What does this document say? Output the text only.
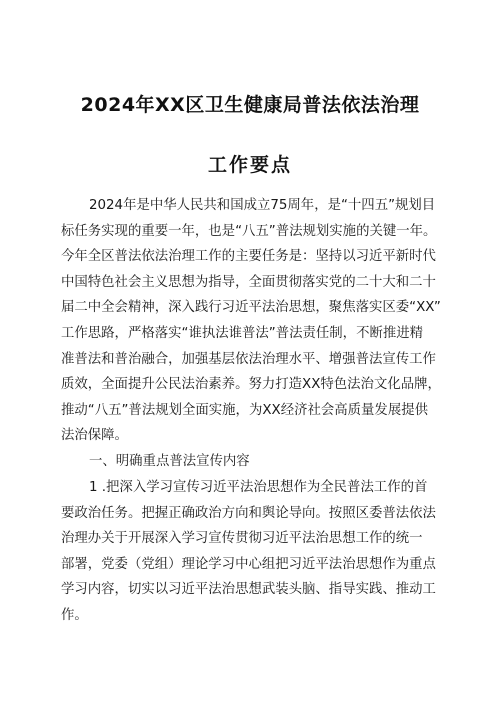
2024年XX区卫生健康局普法依法治理
工作要点
2024年是中华人民共和国成立75周年，是“十四五”规划目
标任务实现的重要一年，也是“八五”普法规划实施的关键一年。
今年全区普法依法治理工作的主要任务是：坚持以习近平新时代
中国特色社会主义思想为指导，全面贯彻落实党的二十大和二十
届二中全会精神，深入践行习近平法治思想，聚焦落实区委“XX”
工作思路，严格落实“谁执法谁普法”普法责任制，不断推进精
准普法和普治融合，加强基层依法治理水平、增强普法宣传工作
质效，全面提升公民法治素养。努力打造XX特色法治文化品牌，
推动“八五”普法规划全面实施，为XX经济社会高质量发展提供
法治保障。
一、明确重点普法宣传内容
1 .把深入学习宣传习近平法治思想作为全民普法工作的首
要政治任务。把握正确政治方向和舆论导向。按照区委普法依法
治理办关于开展深入学习宣传贯彻习近平法治思想工作的统一
部署，党委（党组）理论学习中心组把习近平法治思想作为重点
学习内容，切实以习近平法治思想武装头脑、指导实践、推动工
作。
